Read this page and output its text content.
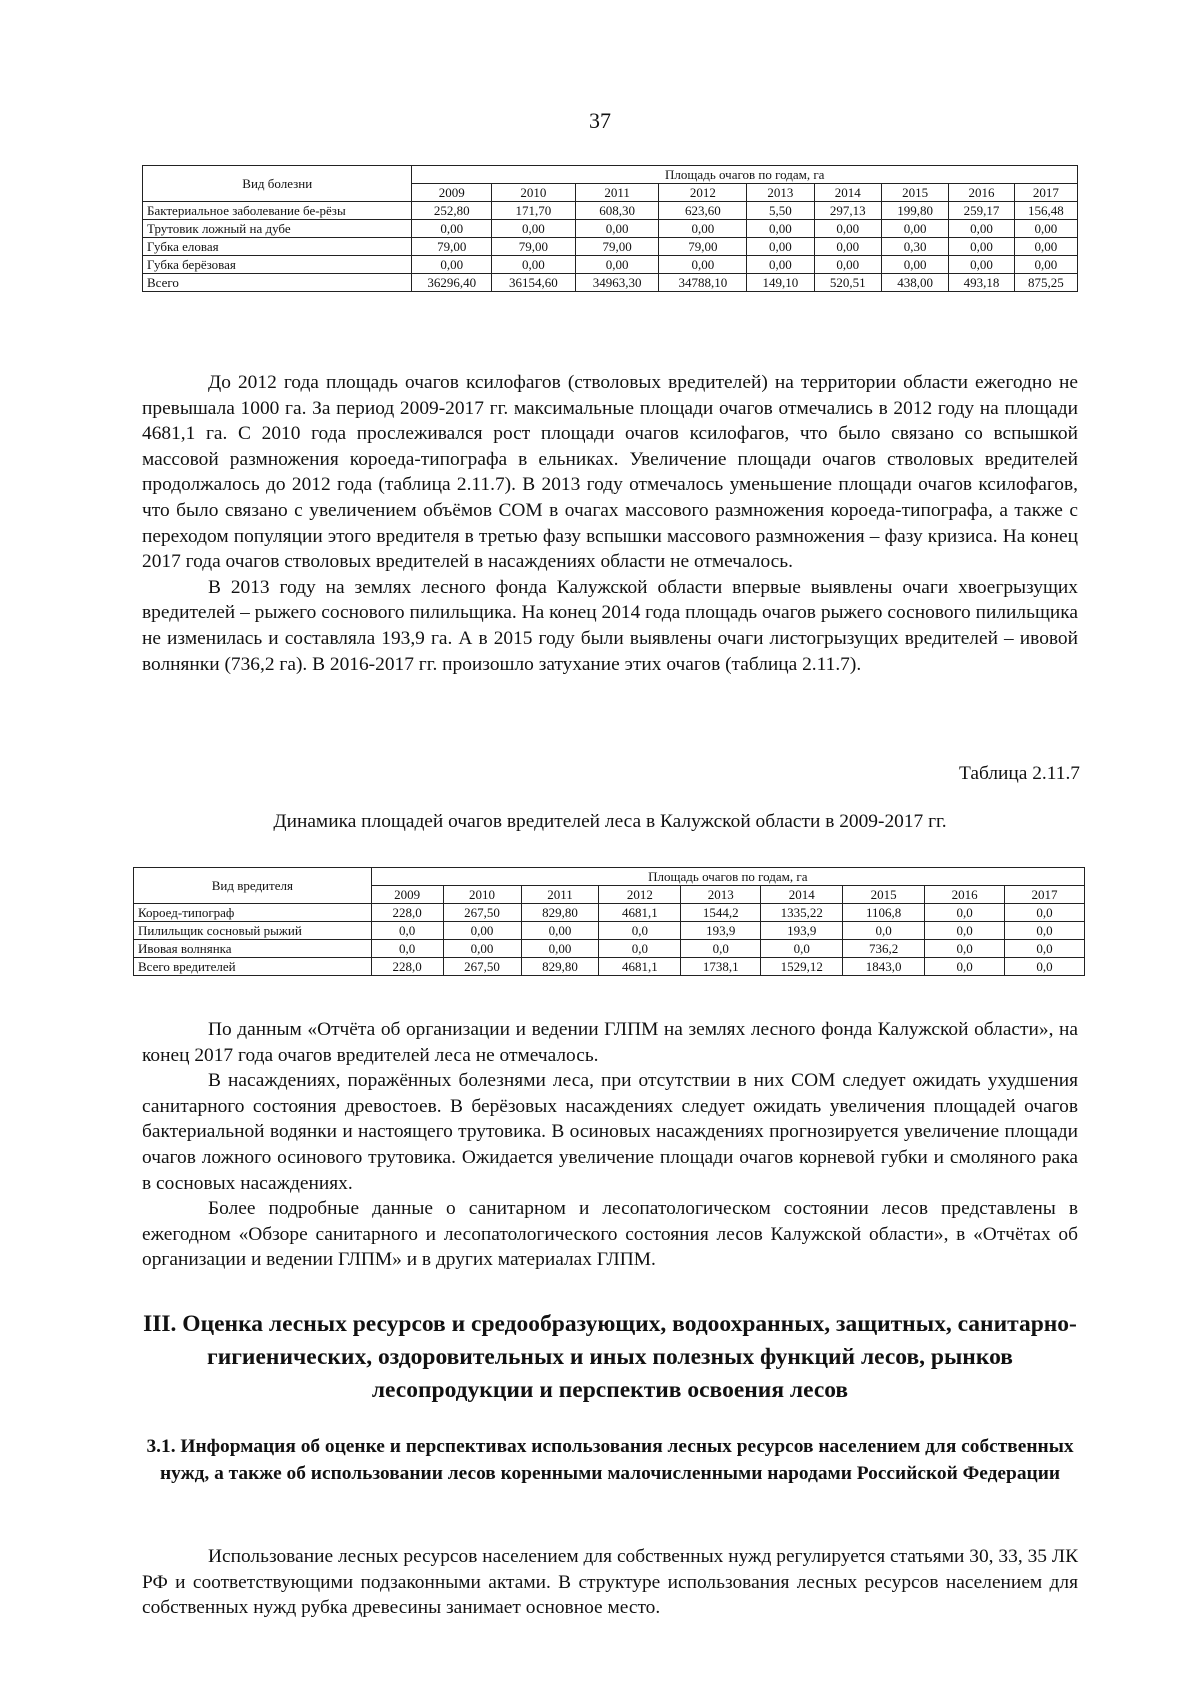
37
Вид болезни	Площадь очагов по годам, га								
	2009	2010	2011	2012	2013	2014	2015	2016	2017
Бактериальное заболевание бе-рёзы	252,80	171,70	608,30	623,60	5,50	297,13	199,80	259,17	156,48
Трутовик ложный на дубе	0,00	0,00	0,00	0,00	0,00	0,00	0,00	0,00	0,00
Губка еловая	79,00	79,00	79,00	79,00	0,00	0,00	0,30	0,00	0,00
Губка берёзовая	0,00	0,00	0,00	0,00	0,00	0,00	0,00	0,00	0,00
Всего	36296,40	36154,60	34963,30	34788,10	149,10	520,51	438,00	493,18	875,25

До 2012 года площадь очагов ксилофагов (стволовых вредителей) на территории области ежегодно не превышала 1000 га. За период 2009-2017 гг. максимальные площади очагов отмечались в 2012 году на площади 4681,1 га. С 2010 года прослеживался рост площади очагов ксилофагов, что было связано со вспышкой массовой размножения короеда-типографа в ельниках. Увеличение площади очагов стволовых вредителей продолжалось до 2012 года (таблица 2.11.7). В 2013 году отмечалось уменьшение площади очагов ксилофагов, что было связано с увеличением объёмов СОМ в очагах массового размножения короеда-типографа, а также с переходом популяции этого вредителя в третью фазу вспышки массового размножения – фазу кризиса. На конец 2017 года очагов стволовых вредителей в насаждениях области не отмечалось.

В 2013 году на землях лесного фонда Калужской области впервые выявлены очаги хвоегрызущих вредителей – рыжего соснового пилильщика. На конец 2014 года площадь очагов рыжего соснового пилильщика не изменилась и составляла 193,9 га. А в 2015 году были выявлены очаги листогрызущих вредителей – ивовой волнянки (736,2 га). В 2016-2017 гг. произошло затухание этих очагов (таблица 2.11.7).

Таблица 2.11.7
Динамика площадей очагов вредителей леса в Калужской области в 2009-2017 гг.
Вид вредителя	Площадь очагов по годам, га								
	2009	2010	2011	2012	2013	2014	2015	2016	2017
Короед-типограф	228,0	267,50	829,80	4681,1	1544,2	1335,22	1106,8	0,0	0,0
Пилильщик сосновый рыжий	0,0	0,00	0,00	0,0	193,9	193,9	0,0	0,0	0,0
Ивовая волнянка	0,0	0,00	0,00	0,0	0,0	0,0	736,2	0,0	0,0
Всего вредителей	228,0	267,50	829,80	4681,1	1738,1	1529,12	1843,0	0,0	0,0

По данным «Отчёта об организации и ведении ГЛПМ на землях лесного фонда Калужской области», на конец 2017 года очагов вредителей леса не отмечалось.

В насаждениях, поражённых болезнями леса, при отсутствии в них СОМ следует ожидать ухудшения санитарного состояния древостоев. В берёзовых насаждениях следует ожидать увеличения площадей очагов бактериальной водянки и настоящего трутовика. В осиновых насаждениях прогнозируется увеличение площади очагов ложного осинового трутовика. Ожидается увеличение площади очагов корневой губки и смоляного рака в сосновых насаждениях.

Более подробные данные о санитарном и лесопатологическом состоянии лесов представлены в ежегодном «Обзоре санитарного и лесопатологического состояния лесов Калужской области», в «Отчётах об организации и ведении ГЛПМ» и в других материалах ГЛПМ.

III. Оценка лесных ресурсов и средообразующих, водоохранных, защитных, санитарно-гигиенических, оздоровительных и иных полезных функций лесов, рынков лесопродукции и перспектив освоения лесов
3.1. Информация об оценке и перспективах использования лесных ресурсов населением для собственных нужд, а также об использовании лесов коренными малочисленными народами Российской Федерации

Использование лесных ресурсов населением для собственных нужд регулируется статьями 30, 33, 35 ЛК РФ и соответствующими подзаконными актами. В структуре использования лесных ресурсов населением для собственных нужд рубка древесины занимает основное место.
